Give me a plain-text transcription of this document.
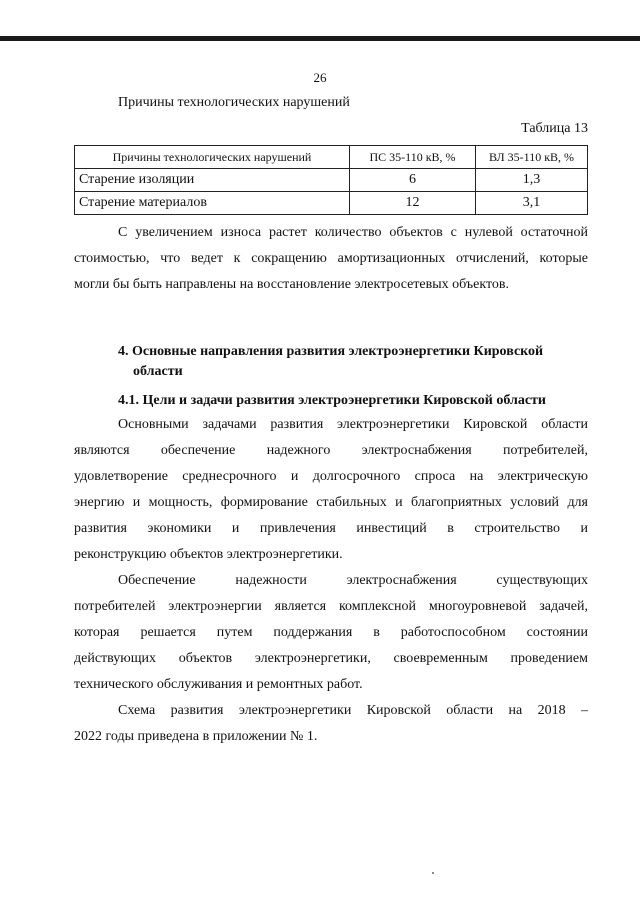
26
Причины технологических нарушений
Таблица 13
Причины технологических нарушений	ПС 35-110 кВ, %	ВЛ 35-110 кВ, %
Старение изоляции	6	1,3
Старение материалов	12	3,1
С увеличением износа растет количество объектов с нулевой остаточной
стоимостью, что ведет к сокращению амортизационных отчислений, которые
могли бы быть направлены на восстановление электросетевых объектов.
4. Основные направления развития электроэнергетики Кировской
области
4.1. Цели и задачи развития электроэнергетики Кировской области
Основными задачами развития электроэнергетики Кировской области
являются обеспечение надежного электроснабжения потребителей,
удовлетворение среднесрочного и долгосрочного спроса на электрическую
энергию и мощность, формирование стабильных и благоприятных условий для
развития экономики и привлечения инвестиций в строительство и
реконструкцию объектов электроэнергетики.
Обеспечение надежности электроснабжения существующих
потребителей электроэнергии является комплексной многоуровневой задачей,
которая решается путем поддержания в работоспособном состоянии
действующих объектов электроэнергетики, своевременным проведением
технического обслуживания и ремонтных работ.
Схема развития электроэнергетики Кировской области на 2018 –
2022 годы приведена в приложении № 1.
